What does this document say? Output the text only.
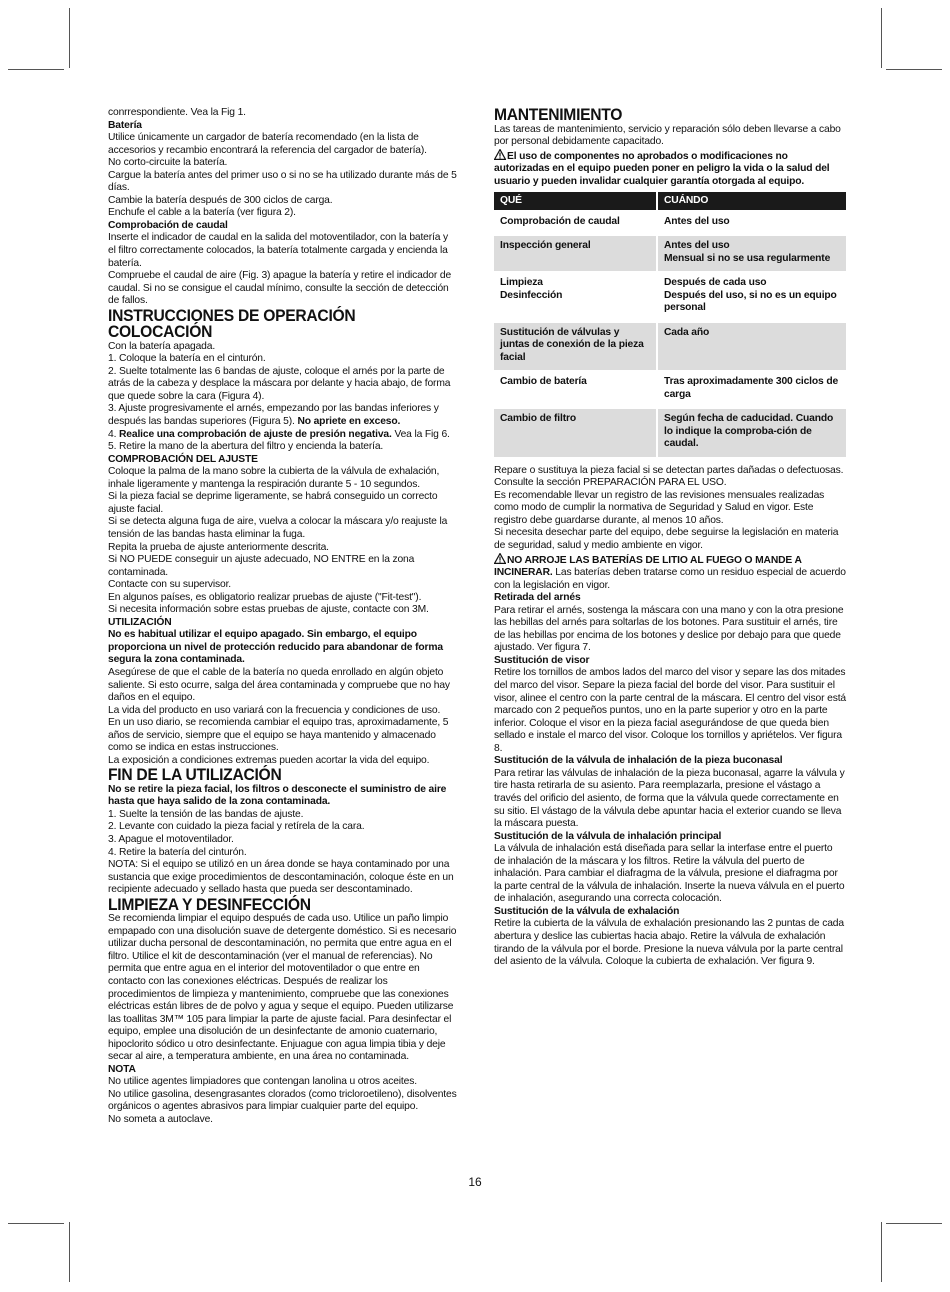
conrrespondiente. Vea la Fig 1.

Batería

Utilice únicamente un cargador de batería recomendado (en la lista de accesorios y recambio encontrará la referencia del cargador de batería).

No corto-circuite la batería.

Cargue la batería antes del primer uso o si no se ha utilizado durante más de 5 días.

Cambie la batería después de 300 ciclos de carga.

Enchufe el cable a la batería (ver figura 2).

Comprobación de caudal

Inserte el indicador de caudal en la salida del motoventilador, con la batería y el filtro correctamente colocados, la batería totalmente cargada y encienda la batería.

Compruebe el caudal de aire (Fig. 3) apague la batería y retire el indicador de caudal. Si no se consigue el caudal mínimo, consulte la sección de detección de fallos.

INSTRUCCIONES DE OPERACIÓN

COLOCACIÓN

Con la batería apagada.

1. Coloque la batería en el cinturón.

2. Suelte totalmente las 6 bandas de ajuste, coloque el arnés por la parte de atrás de la cabeza y desplace la máscara por delante y hacia abajo, de forma que quede sobre la cara (Figura 4).

3. Ajuste progresivamente el arnés, empezando por las bandas inferiores y después las bandas superiores (Figura 5). No apriete en exceso.

4. Realice una comprobación de ajuste de presión negativa. Vea la Fig 6.

5. Retire la mano de la abertura del filtro y encienda la batería.

COMPROBACIÓN DEL AJUSTE

Coloque la palma de la mano sobre la cubierta de la válvula de exhalación, inhale ligeramente y mantenga la respiración durante 5 - 10 segundos.

Si la pieza facial se deprime ligeramente, se habrá conseguido un correcto ajuste facial.

Si se detecta alguna fuga de aire, vuelva a colocar la máscara y/o reajuste la tensión de las bandas hasta eliminar la fuga.

Repita la prueba de ajuste anteriormente descrita.

Si NO PUEDE conseguir un ajuste adecuado, NO ENTRE en la zona contaminada.

Contacte con su supervisor.

En algunos países, es obligatorio realizar pruebas de ajuste ("Fit-test").

Si necesita información sobre estas pruebas de ajuste, contacte con 3M.

UTILIZACIÓN

No es habitual utilizar el equipo apagado. Sin embargo, el equipo proporciona un nivel de protección reducido para abandonar de forma segura la zona contaminada.

Asegúrese de que el cable de la batería no queda enrollado en algún objeto saliente. Si esto ocurre, salga del área contaminada y compruebe que no hay daños en el equipo.

La vida del producto en uso variará con la frecuencia y condiciones de uso.

En un uso diario, se recomienda cambiar el equipo tras, aproximadamente, 5 años de servicio, siempre que el equipo se haya mantenido y almacenado como se indica en estas instrucciones.

La exposición a condiciones extremas pueden acortar la vida del equipo.

FIN DE LA UTILIZACIÓN

No se retire la pieza facial, los filtros o desconecte el suministro de aire hasta que haya salido de la zona contaminada.

1. Suelte la tensión de las bandas de ajuste.

2. Levante con cuidado la pieza facial y retírela de la cara.

3. Apague el motoventilador.

4. Retire la batería del cinturón.

NOTA: Si el equipo se utilizó en un área donde se haya contaminado por una sustancia que exige procedimientos de descontaminación, coloque éste en un recipiente adecuado y sellado hasta que pueda ser descontaminado.

LIMPIEZA Y DESINFECCIÓN

Se recomienda limpiar el equipo después de cada uso. Utilice un paño limpio empapado con una disolución suave de detergente doméstico. Si es necesario utilizar ducha personal de descontaminación, no permita que entre agua en el filtro. Utilice el kit de descontaminación (ver el manual de referencias). No permita que entre agua en el interior del motoventilador o que entre en contacto con las conexiones eléctricas. Después de realizar los procedimientos de limpieza y mantenimiento, compruebe que las conexiones eléctricas están libres de de polvo y agua y seque el equipo. Pueden utilizarse las toallitas 3M™ 105 para limpiar la parte de ajuste facial. Para desinfectar el equipo, emplee una disolución de un desinfectante de amonio cuaternario, hipoclorito sódico u otro desinfectante. Enjuague con agua limpia tibia y deje secar al aire, a temperatura ambiente, en una área no contaminada.

NOTA

No utilice agentes limpiadores que contengan lanolina u otros aceites.

No utilice gasolina, desengrasantes clorados (como tricloroetileno), disolventes orgánicos o agentes abrasivos para limpiar cualquier parte del equipo.

No someta a autoclave.

MANTENIMIENTO

Las tareas de mantenimiento, servicio y reparación sólo deben llevarse a cabo por personal debidamente capacitado.

El uso de componentes no aprobados o modificaciones no autorizadas en el equipo pueden poner en peligro la vida o la salud del usuario y pueden invalidar cualquier garantía otorgada al equipo.

QUÉ	CUÁNDO
Comprobación de caudal	Antes del uso
Inspección general	Antes del uso
Mensual si no se usa regularmente
Limpieza
Desinfección	Después de cada uso
Después del uso, si no es un equipo personal
Sustitución de válvulas y juntas de conexión de la pieza facial	Cada año
Cambio de batería	Tras aproximadamente 300 ciclos de carga
Cambio de filtro	Según fecha de caducidad. Cuando lo indique la comproba-ción de caudal.

Repare o sustituya la pieza facial si se detectan partes dañadas o defectuosas. Consulte la sección PREPARACIÓN PARA EL USO.

Es recomendable llevar un registro de las revisiones mensuales realizadas como modo de cumplir la normativa de Seguridad y Salud en vigor. Este registro debe guardarse durante, al menos 10 años.

Si necesita desechar parte del equipo, debe seguirse la legislación en materia de seguridad, salud y medio ambiente en vigor.

NO ARROJE LAS BATERÍAS DE LITIO AL FUEGO O MANDE A INCINERAR. Las baterías deben tratarse como un residuo especial de acuerdo con la legislación en vigor.

Retirada del arnés

Para retirar el arnés, sostenga la máscara con una mano y con la otra presione las hebillas del arnés para soltarlas de los botones. Para sustituir el arnés, tire de las hebillas por encima de los botones y deslice por debajo para que quede ajustado. Ver figura 7.

Sustitución de visor

Retire los tornillos de ambos lados del marco del visor y separe las dos mitades del marco del visor. Separe la pieza facial del borde del visor. Para sustituir el visor, alinee el centro con la parte central de la máscara. El centro del visor está marcado con 2 pequeños puntos, uno en la parte superior y otro en la parte inferior. Coloque el visor en la pieza facial asegurándose de que queda bien sellado e instale el marco del visor. Coloque los tornillos y apriételos. Ver figura 8.

Sustitución de la válvula de inhalación de la pieza buconasal

Para retirar las válvulas de inhalación de la pieza buconasal, agarre la válvula y tire hasta retirarla de su asiento. Para reemplazarla, presione el vástago a través del orificio del asiento, de forma que la válvula quede correctamente en su sitio. El vástago de la válvula debe apuntar hacia el exterior cuando se lleva la máscara puesta.

Sustitución de la válvula de inhalación principal

La válvula de inhalación está diseñada para sellar la interfase entre el puerto de inhalación de la máscara y los filtros. Retire la válvula del puerto de inhalación. Para cambiar el diafragma de la válvula, presione el diafragma por la parte central de la válvula de inhalación. Inserte la nueva válvula en el puerto de inhalación, asegurando una correcta colocación.

Sustitución de la válvula de exhalación

Retire la cubierta de la válvula de exhalación presionando las 2 puntas de cada abertura y deslice las cubiertas hacia abajo. Retire la válvula de exhalación tirando de la válvula por el borde. Presione la nueva válvula por la parte central del asiento de la válvula. Coloque la cubierta de exhalación. Ver figura 9.

16
